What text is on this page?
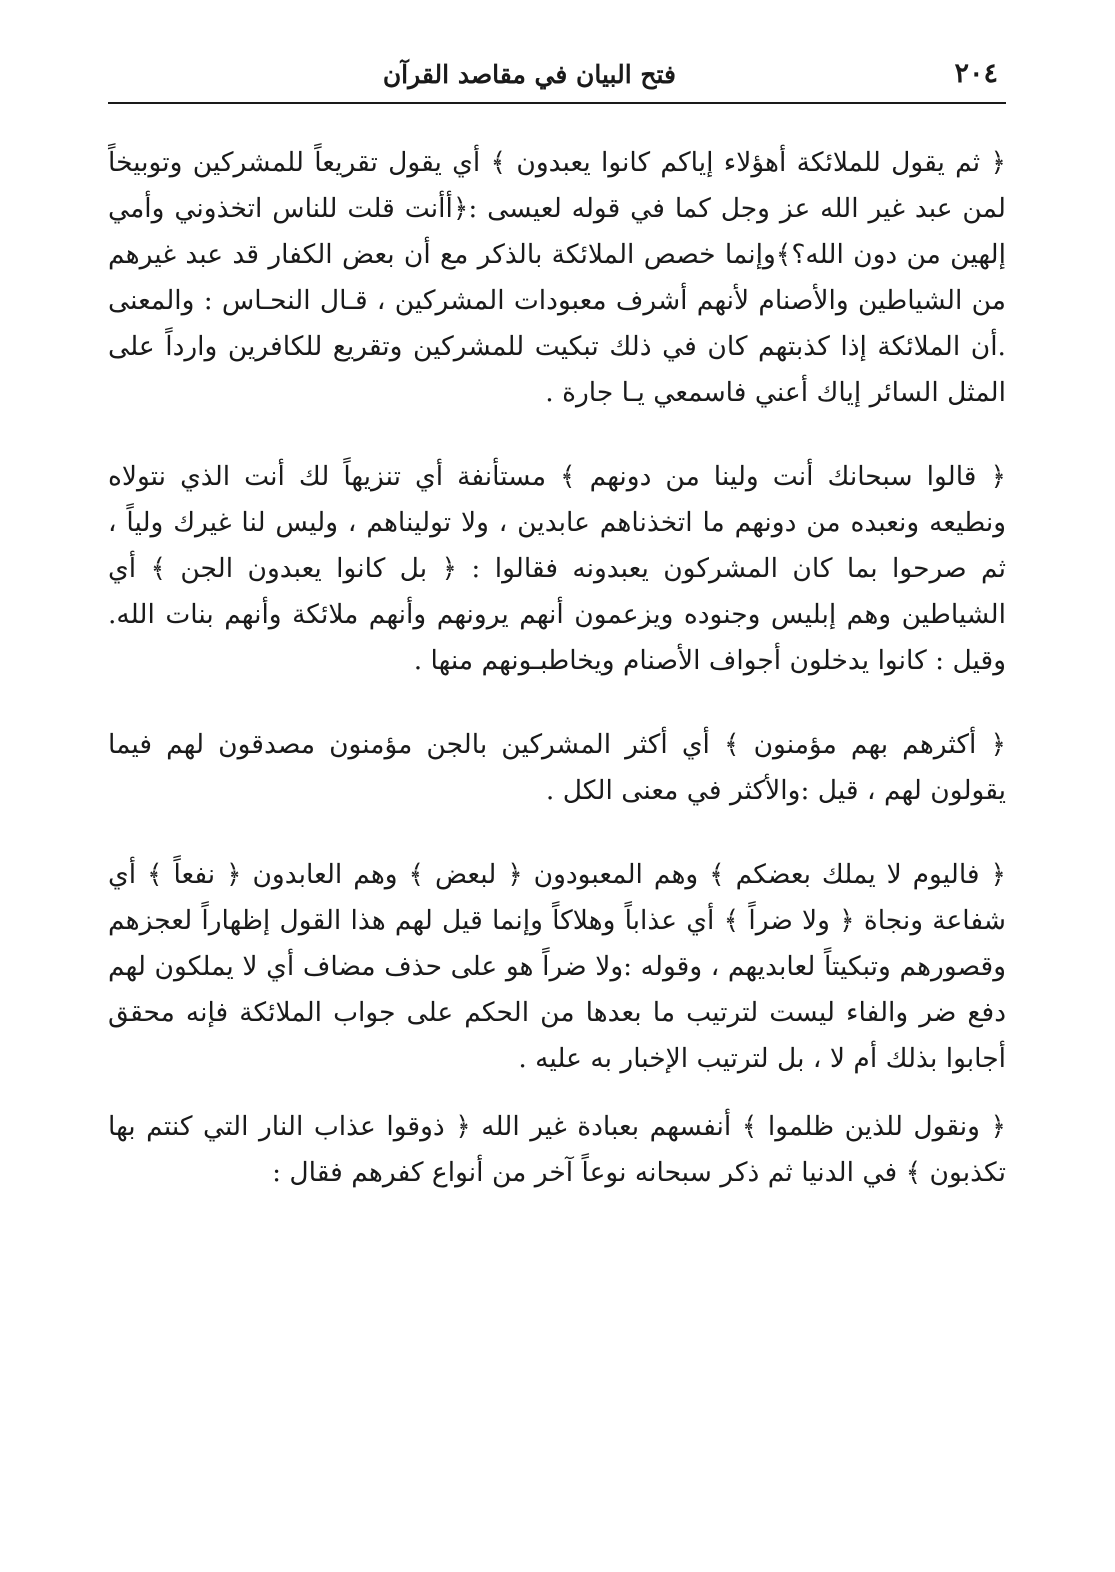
٢٠٤
فتح البيان في مقاصد القرآن

﴿ ثم يقول للملائكة أهؤلاء إياكم كانوا يعبدون ﴾ أي يقول تقريعاً للمشركين وتوبيخاً لمن عبد غير الله عز وجل كما في قوله لعيسى :﴿أأنت قلت للناس اتخذوني وأمي إلهين من دون الله؟﴾وإنما خصص الملائكة بالذكر مع أن بعض الكفار قد عبد غيرهم من الشياطين والأصنام لأنهم أشرف معبودات المشركين ، قـال النحـاس : والمعنى .أن الملائكة إذا كذبتهم كان في ذلك تبكيت للمشركين وتقريع للكافرين وارداً على المثل السائر إياك أعني فاسمعي يـا جارة .

﴿ قالوا سبحانك أنت ولينا من دونهم ﴾ مستأنفة أي تنزيهاً لك أنت الذي نتولاه ونطيعه ونعبده من دونهم ما اتخذناهم عابدين ، ولا توليناهم ، وليس لنا غيرك ولياً ، ثم صرحوا بما كان المشركون يعبدونه فقالوا : ﴿ بل كانوا يعبدون الجن ﴾ أي الشياطين وهم إبليس وجنوده ويزعمون أنهم يرونهم وأنهم ملائكة وأنهم بنات الله. وقيل : كانوا يدخلون أجواف الأصنام ويخاطبـونهم منها .

﴿ أكثرهم بهم مؤمنون ﴾ أي أكثر المشركين بالجن مؤمنون مصدقون لهم فيما يقولون لهم ، قيل :والأكثر في معنى الكل .

﴿ فاليوم لا يملك بعضكم ﴾ وهم المعبودون ﴿ لبعض ﴾ وهم العابدون ﴿ نفعاً ﴾ أي شفاعة ونجاة ﴿ ولا ضراً ﴾ أي عذاباً وهلاكاً وإنما قيل لهم هذا القول إظهاراً لعجزهم وقصورهم وتبكيتاً لعابديهم ، وقوله :ولا ضراً هو على حذف مضاف أي لا يملكون لهم دفع ضر والفاء ليست لترتيب ما بعدها من الحكم على جواب الملائكة فإنه محقق أجابوا بذلك أم لا ، بل لترتيب الإخبار به عليه .

﴿ ونقول للذين ظلموا ﴾ أنفسهم بعبادة غير الله ﴿ ذوقوا عذاب النار التي كنتم بها تكذبون ﴾ في الدنيا ثم ذكر سبحانه نوعاً آخر من أنواع كفرهم فقال :
